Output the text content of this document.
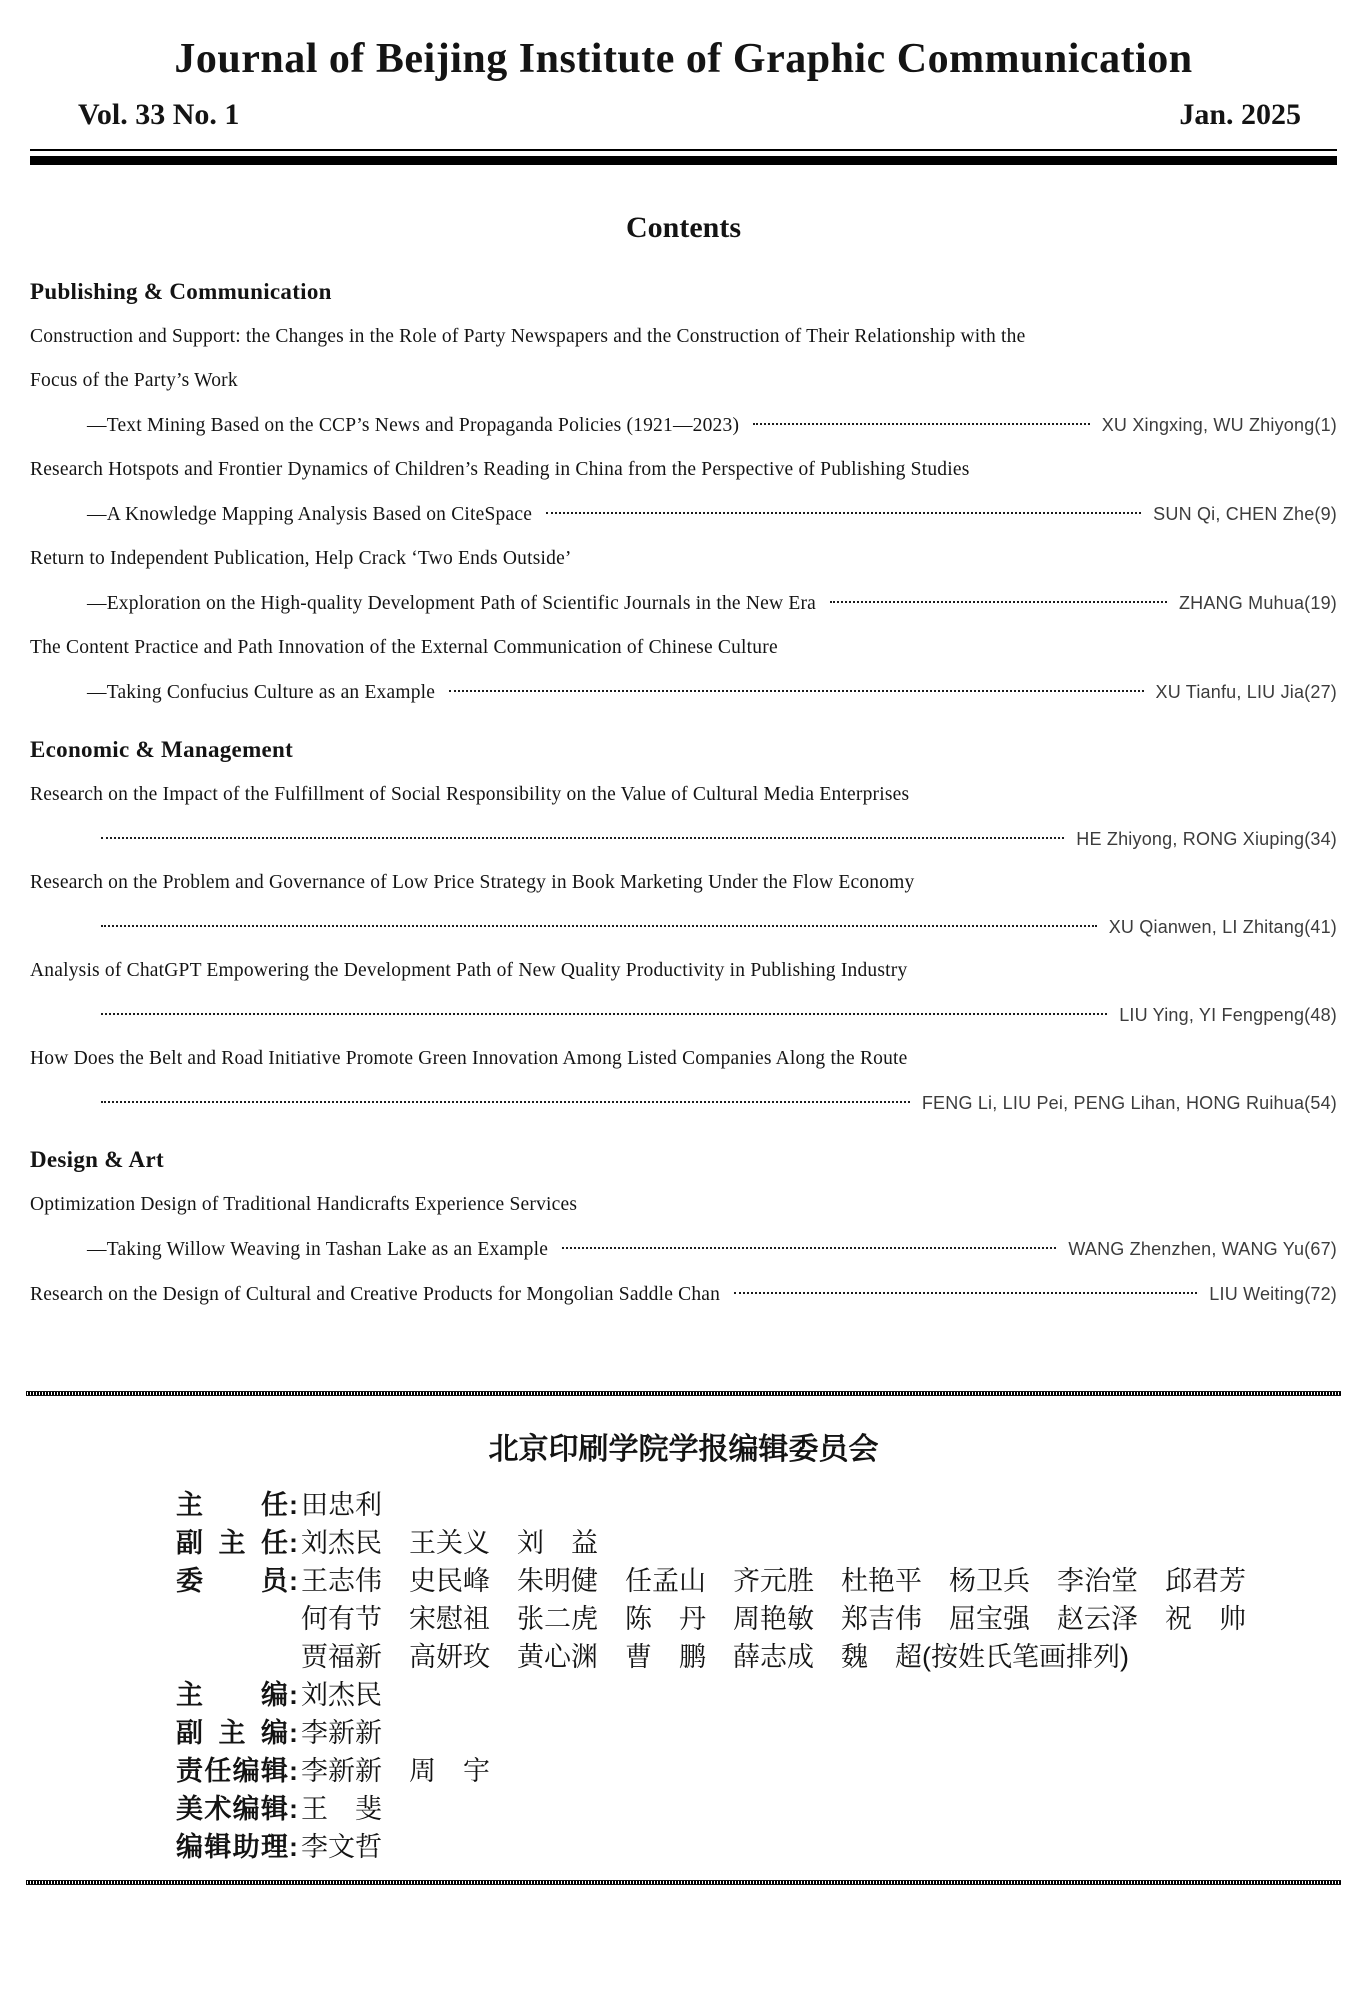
Journal of Beijing Institute of Graphic Communication
Vol. 33 No. 1	Jan. 2025
Contents
Publishing & Communication
Construction and Support: the Changes in the Role of Party Newspapers and the Construction of Their Relationship with the
Focus of the Party’s Work
—Text Mining Based on the CCP’s News and Propaganda Policies (1921—2023)	XU Xingxing, WU Zhiyong(1)
Research Hotspots and Frontier Dynamics of Children’s Reading in China from the Perspective of Publishing Studies
—A Knowledge Mapping Analysis Based on CiteSpace	SUN Qi, CHEN Zhe(9)
Return to Independent Publication, Help Crack ‘Two Ends Outside’
—Exploration on the High-quality Development Path of Scientific Journals in the New Era	ZHANG Muhua(19)
The Content Practice and Path Innovation of the External Communication of Chinese Culture
—Taking Confucius Culture as an Example	XU Tianfu, LIU Jia(27)
Economic & Management
Research on the Impact of the Fulfillment of Social Responsibility on the Value of Cultural Media Enterprises
HE Zhiyong, RONG Xiuping(34)
Research on the Problem and Governance of Low Price Strategy in Book Marketing Under the Flow Economy
XU Qianwen, LI Zhitang(41)
Analysis of ChatGPT Empowering the Development Path of New Quality Productivity in Publishing Industry
LIU Ying, YI Fengpeng(48)
How Does the Belt and Road Initiative Promote Green Innovation Among Listed Companies Along the Route
FENG Li, LIU Pei, PENG Lihan, HONG Ruihua(54)
Design & Art
Optimization Design of Traditional Handicrafts Experience Services
—Taking Willow Weaving in Tashan Lake as an Example	WANG Zhenzhen, WANG Yu(67)
Research on the Design of Cultural and Creative Products for Mongolian Saddle Chan	LIU Weiting(72)
北京印刷学院学报编辑委员会
主任 : 田忠利
副主任 : 刘杰民　王关义　刘　益
委员 : 王志伟　史民峰　朱明健　任孟山　齐元胜　杜艳平　杨卫兵　李治堂　邱君芳
何有节　宋慰祖　张二虎　陈　丹　周艳敏　郑吉伟　屈宝强　赵云泽　祝　帅
贾福新　高妍玫　黄心渊　曹　鹏　薛志成　魏　超(按姓氏笔画排列)
主编 : 刘杰民
副主编 : 李新新
责任编辑 : 李新新　周　宇
美术编辑 : 王　斐
编辑助理 : 李文哲
